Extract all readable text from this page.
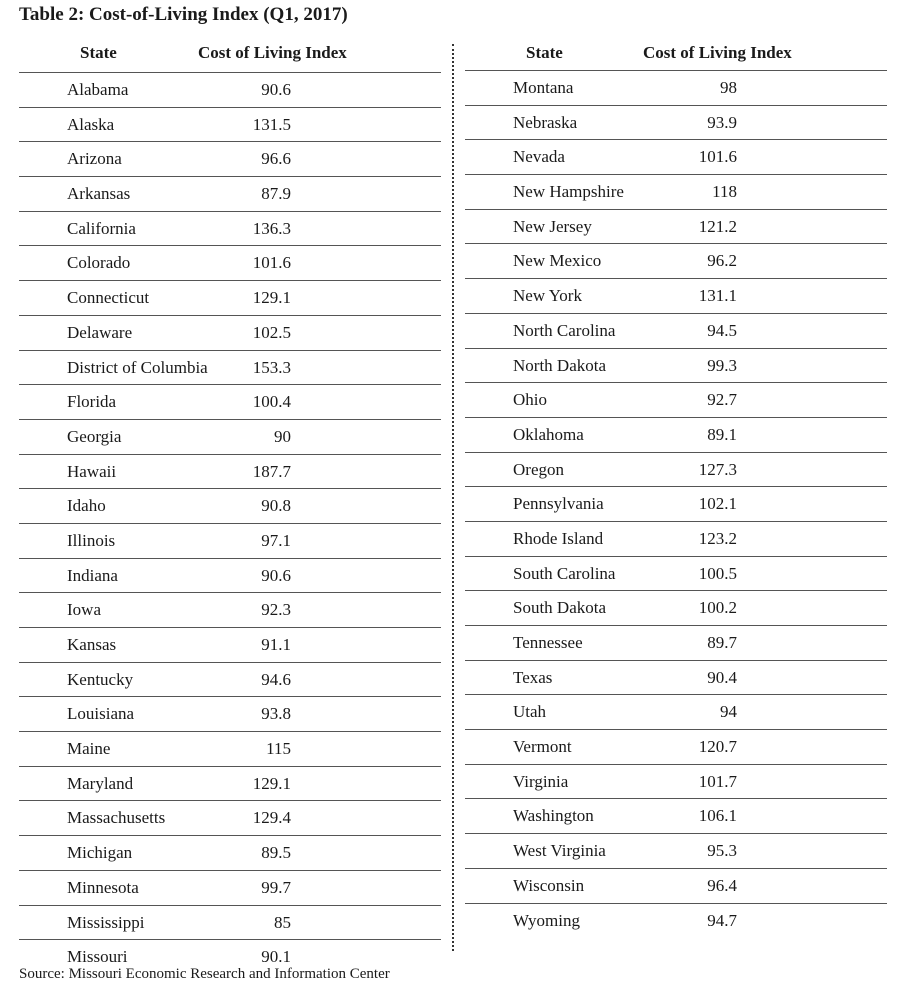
Table 2: Cost-of-Living Index (Q1, 2017)
State	Cost of Living Index
Alabama	90.6
Alaska	131.5
Arizona	96.6
Arkansas	87.9
California	136.3
Colorado	101.6
Connecticut	129.1
Delaware	102.5
District of Columbia	153.3
Florida	100.4
Georgia	90
Hawaii	187.7
Idaho	90.8
Illinois	97.1
Indiana	90.6
Iowa	92.3
Kansas	91.1
Kentucky	94.6
Louisiana	93.8
Maine	115
Maryland	129.1
Massachusetts	129.4
Michigan	89.5
Minnesota	99.7
Mississippi	85
Missouri	90.1
State	Cost of Living Index
Montana	98
Nebraska	93.9
Nevada	101.6
New Hampshire	118
New Jersey	121.2
New Mexico	96.2
New York	131.1
North Carolina	94.5
North Dakota	99.3
Ohio	92.7
Oklahoma	89.1
Oregon	127.3
Pennsylvania	102.1
Rhode Island	123.2
South Carolina	100.5
South Dakota	100.2
Tennessee	89.7
Texas	90.4
Utah	94
Vermont	120.7
Virginia	101.7
Washington	106.1
West Virginia	95.3
Wisconsin	96.4
Wyoming	94.7
Source: Missouri Economic Research and Information Center
